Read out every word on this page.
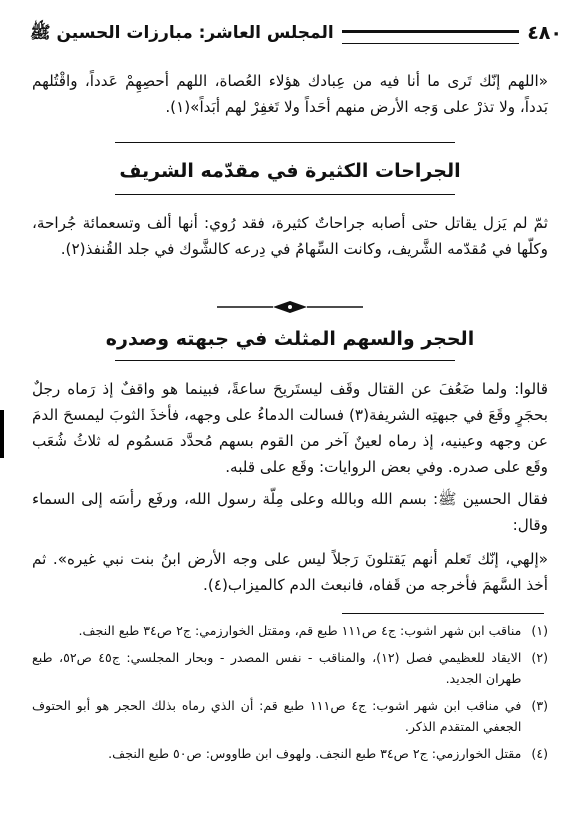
٤٨٠
المجلس العاشر: مبارزات الحسين ﷺ

«اللهم إنّك تَرى ما أنا فيه من عِبادك هؤلاء العُصاة، اللهم أحصِهِمْ عَدداً، واقْتُلهم بَدداً، ولا تذرْ على وَجه الأرض منهم أحَداً ولا تَغفِرْ لهم أبَداً»(١).

الجراحات الكثيرة في مقدّمه الشريف

ثمّ لم يَزل يقاتل حتى أصابه جراحاتٌ كثيرة، فقد رُوي: أنها ألف وتسعمائة جُراحة، وكلّها في مُقدّمه الشَّريف، وكانت السِّهامُ في دِرعه كالشَّوك في جلد القُنفذ(٢).

الحجر والسهم المثلث في جبهته وصدره

قالوا: ولما ضَعُفَ عن القتال وقَف ليستَريحَ ساعةً، فبينما هو واقفٌ إذ رَماه رجلٌ بحجَرٍ وقَعَ في جبهتِه الشريفة(٣) فسالت الدماءُ على وجهه، فأخذَ الثوبَ ليمسحَ الدمَ عن وجهه وعينيه، إذ رماه لعينٌ آخر من القوم بسهم مُحدَّد مَسمُوم له ثلاثُ شُعَب وقَع على صدره. وفي بعض الروايات: وقَع على قلبه.

فقال الحسين ﷺ: بسم الله وبالله وعلى مِلّة رسول الله، ورفَع رأسَه إلى السماء وقال:

«إلهي، إنّك تَعلم أنهم يَقتلونَ رَجلاً ليس على وجه الأرض ابنُ بنت نبي غيره». ثم أخذ السَّهمَ فأخرجه من قَفاه، فانبعث الدم كالميزاب(٤).

(١)
مناقب ابن شهر اشوب: ج٤ ص١١١ طبع قم، ومقتل الخوارزمي: ج٢ ص٣٤ طبع النجف.
(٢)
الايقاد للعظيمي فصل (١٢)، والمناقب - نفس المصدر - وبحار المجلسي: ج٤٥ ص٥٢، طبع طهران الجديد.
(٣)
في مناقب ابن شهر اشوب: ج٤ ص١١١ طبع قم: أن الذي رماه بذلك الحجر هو أبو الحتوف الجعفي المتقدم الذكر.
(٤)
مقتل الخوارزمي: ج٢ ص٣٤ طبع النجف. ولهوف ابن طاووس: ص٥٠ طبع النجف.
